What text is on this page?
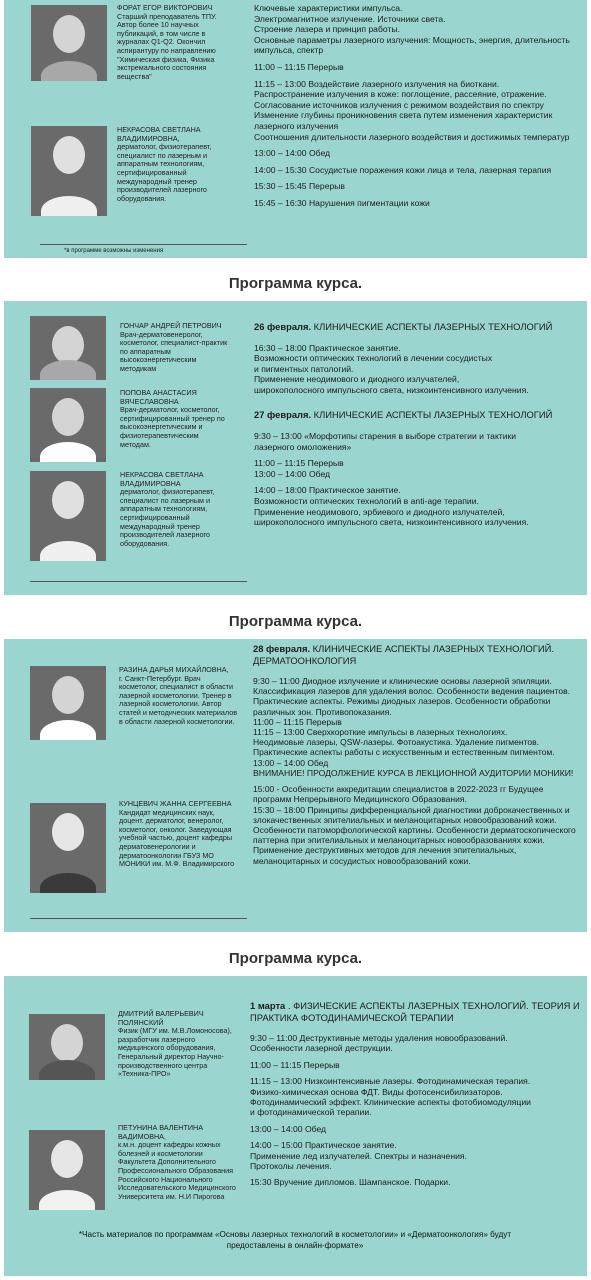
ФОРАТ ЕГОР ВИКТОРОВИЧ
Старший преподаватель ТПУ. Автор более 10 научных публикаций, в том числе в журналах Q1-Q2. Окончил аспирантуру по направлению "Химическая физика, Физика экстремального состояния вещества"
НЕКРАСОВА СВЕТЛАНА ВЛАДИМИРОВНА,
дерматолог, физиотерапевт, специалист по лазерным и аппаратным технологиям, сертифицированный международный тренер производителей лазерного оборудования.
*в программе возможны изменения

Ключевые характеристики импульса.

Электромагнитное излучение. Источники света.

Строение лазера и принцип работы.

Основные параметры лазерного излучения: Мощность, энергия, длительность импульса, спектр

11:00 – 11:15 Перерыв

11:15 – 13:00 Воздействие лазерного излучения на биоткани.

Распространение излучения в коже: поглощение, рассеяние, отражение.

Согласование источников излучения с режимом воздействия по спектру

Изменение глубины проникновения света путем изменения характеристик лазерного излучения

Соотношения длительности лазерного воздействия и достижимых температур

13:00 – 14:00 Обед

14:00 – 15:30 Сосудистые поражения кожи лица и тела, лазерная терапия

15:30 – 15:45 Перерыв

15:45 – 16:30 Нарушения пигментации кожи

Программа курса.
ГОНЧАР АНДРЕЙ ПЕТРОВИЧ
Врач-дерматовенеролог, косметолог, специалист-практик по аппаратным высокоэнергетическим методикам
ПОПОВА АНАСТАСИЯ ВЯЧЕСЛАВОВНА
Врач-дерматолог, косметолог, сертифицированный тренер по высокоэнергетическим и физиотерапевтическим методам.
НЕКРАСОВА СВЕТЛАНА ВЛАДИМИРОВНА
дерматолог, физиотерапевт, специалист по лазерным и аппаратным технологиям, сертифицированный международный тренер производителей лазерного оборудования.

26 февраля. КЛИНИЧЕСКИЕ АСПЕКТЫ ЛАЗЕРНЫХ ТЕХНОЛОГИЙ

16:30 – 18:00 Практическое занятие.

Возможности оптических технологий в лечении сосудистых

и пигментных патологий.

Применение неодимового и диодного излучателей,

широкополосного импульсного света, низкоинтенсивного излучения.

27 февраля. КЛИНИЧЕСКИЕ АСПЕКТЫ ЛАЗЕРНЫХ ТЕХНОЛОГИЙ

9:30 – 13:00 «Морфотипы старения в выборе стратегии и тактики

лазерного омоложения»

11:00 – 11:15 Перерыв

13:00 – 14:00 Обед

14:00 – 18:00 Практическое занятие.

Возможности оптических технологий в anti-age терапии.

Применение неодимового, эрбиевого и диодного излучателей,

широкополосного импульсного света, низкоинтенсивного излучения.

Программа курса.
РАЗИНА ДАРЬЯ МИХАЙЛОВНА,
г. Санкт-Петербург. Врач косметолог, специалист в области лазерной косметологии. Тренер в лазерной косметологии. Автор статей и методических материалов в области лазерной косметологии.
КУНЦЕВИЧ ЖАННА СЕРГЕЕВНА
Кандидат медицинских наук, доцент. дерматолог, венеролог, косметолог, онколог. Заведующая учебной частью, доцент кафедры дерматовенерологии и дерматоонкологии ГБУЗ МО МОНИКИ им. М.Ф. Владимирского

28 февраля. КЛИНИЧЕСКИЕ АСПЕКТЫ ЛАЗЕРНЫХ ТЕХНОЛОГИЙ. ДЕРМАТООНКОЛОГИЯ

9:30 – 11:00 Диодное излучение и клинические основы лазерной эпиляции. Классификация лазеров для удаления волос. Особенности ведения пациентов.

Практические аспекты. Режимы диодных лазеров. Особенности обработки различных зон. Противопоказания.

11:00 – 11:15 Перерыв

11:15 – 13:00 Сверхкороткие импульсы в лазерных технологиях.

Неодимовые лазеры, QSW-лазеры. Фотоакустика. Удаление пигментов.

Практические аспекты работы с искусственным и естественным пигментом.

13:00 – 14:00 Обед

ВНИМАНИЕ! ПРОДОЛЖЕНИЕ КУРСА В ЛЕКЦИОННОЙ АУДИТОРИИ МОНИКИ!

15:00 - Особенности аккредитации специалистов в 2022-2023 гг Будущее программ Непрерывного Медицинского Образования.

15:30 – 18:00 Принципы дифференциальной диагностики доброкачественных и злокачественных эпителиальных и меланоцитарных новообразований кожи. Особенности патоморфологической картины. Особенности дерматоскопического паттерна при эпителиальных и меланоцитарных новообразованиях кожи.

Применение деструктивных методов для лечения эпителиальных, меланоцитарных и сосудистых новообразований кожи.

Программа курса.
ДМИТРИЙ ВАЛЕРЬЕВИЧ ПОЛЯНСКИЙ
Физик (МГУ им. М.В.Ломоносова), разработчик лазерного медицинского оборудования, Генеральный директор Научно-производственного центра «Техника-ПРО»
ПЕТУНИНА ВАЛЕНТИНА ВАДИМОВНА,
к.м.н. доцент кафедры кожных болезней и косметологии Факультета Дополнительного Профессионального Образования Российского Национального Исследовательского Медицинского Университета им. Н.И Пирогова

1 марта . ФИЗИЧЕСКИЕ АСПЕКТЫ ЛАЗЕРНЫХ ТЕХНОЛОГИЙ. ТЕОРИЯ И ПРАКТИКА ФОТОДИНАМИЧЕСКОЙ ТЕРАПИИ

9:30 – 11:00 Деструктивные методы удаления новообразований.

Особенности лазерной деструкции.

11:00 – 11:15 Перерыв

11:15 – 13:00 Низкоинтенсивные лазеры. Фотодинамическая терапия.

Физико-химическая основа ФДТ. Виды фотосенсибилизаторов.

Фотодинамический эффект. Клинические аспекты фотобиомодуляции

и фотодинамической терапии.

13:00 – 14:00 Обед

14:00 – 15:00 Практическое занятие.

Применение лед излучателей. Спектры и назначения.

Протоколы лечения.

15:30 Вручение дипломов. Шампанское. Подарки.

*Часть материалов по программам «Основы лазерных технологий в косметологии» и «Дерматоонкология» будут предоставлены в онлайн-формате»
